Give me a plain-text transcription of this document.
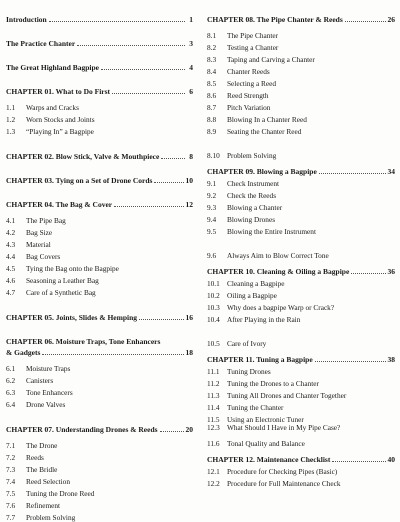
Introduction	1
The Practice Chanter	3
The Great Highland Bagpipe	4
CHAPTER 01. What to Do First	6
1.1	Warps and Cracks
1.2	Worn Stocks and Joints
1.3	“Playing In” a Bagpipe
CHAPTER 02. Blow Stick, Valve & Mouthpiece	8
CHAPTER 03. Tying on a Set of Drone Cords	10
CHAPTER 04. The Bag & Cover	12
4.1	The Pipe Bag
4.2	Bag Size
4.3	Material
4.4	Bag Covers
4.5	Tying the Bag onto the Bagpipe
4.6	Seasoning a Leather Bag
4.7	Care of a Synthetic Bag
CHAPTER 05. Joints, Slides & Hemping	16
CHAPTER 06. Moisture Traps, Tone Enhancers
& Gadgets	18
6.1	Moisture Traps
6.2	Canisters
6.3	Tone Enhancers
6.4	Drone Valves
CHAPTER 07. Understanding Drones & Reeds	20
7.1	The Drone
7.2	Reeds
7.3	The Bridle
7.4	Reed Selection
7.5	Tuning the Drone Reed
7.6	Refinement
7.7	Problem Solving
CHAPTER 08. The Pipe Chanter & Reeds	26
8.1	The Pipe Chanter
8.2	Testing a Chanter
8.3	Taping and Carving a Chanter
8.4	Chanter Reeds
8.5	Selecting a Reed
8.6	Reed Strength
8.7	Pitch Variation
8.8	Blowing In a Chanter Reed
8.9	Seating the Chanter Reed
8.10 Problem Solving
CHAPTER 09. Blowing a Bagpipe	34
9.1	Check Instrument
9.2	Check the Reeds
9.3	Blowing a Chanter
9.4	Blowing Drones
9.5	Blowing the Entire Instrument
9.6	Always Aim to Blow Correct Tone
CHAPTER 10. Cleaning & Oiling a Bagpipe	36
10.1 Cleaning a Bagpipe
10.2 Oiling a Bagpipe
10.3 Why does a bagpipe Warp or Crack?
10.4 After Playing in the Rain
10.5 Care of Ivory
CHAPTER 11. Tuning a Bagpipe	38
11.1	Tuning Drones
11.2	Tuning the Drones to a Chanter
11.3	Tuning All Drones and Chanter Together
11.4	Tuning the Chanter
11.5	Using an Electronic Tuner
11.6	Tonal Quality and Balance
CHAPTER 12. Maintenance Checklist	40
12.1 Procedure for Checking Pipes (Basic)
12.2 Procedure for Full Maintenance Check
12.3 What Should I Have in My Pipe Case?
